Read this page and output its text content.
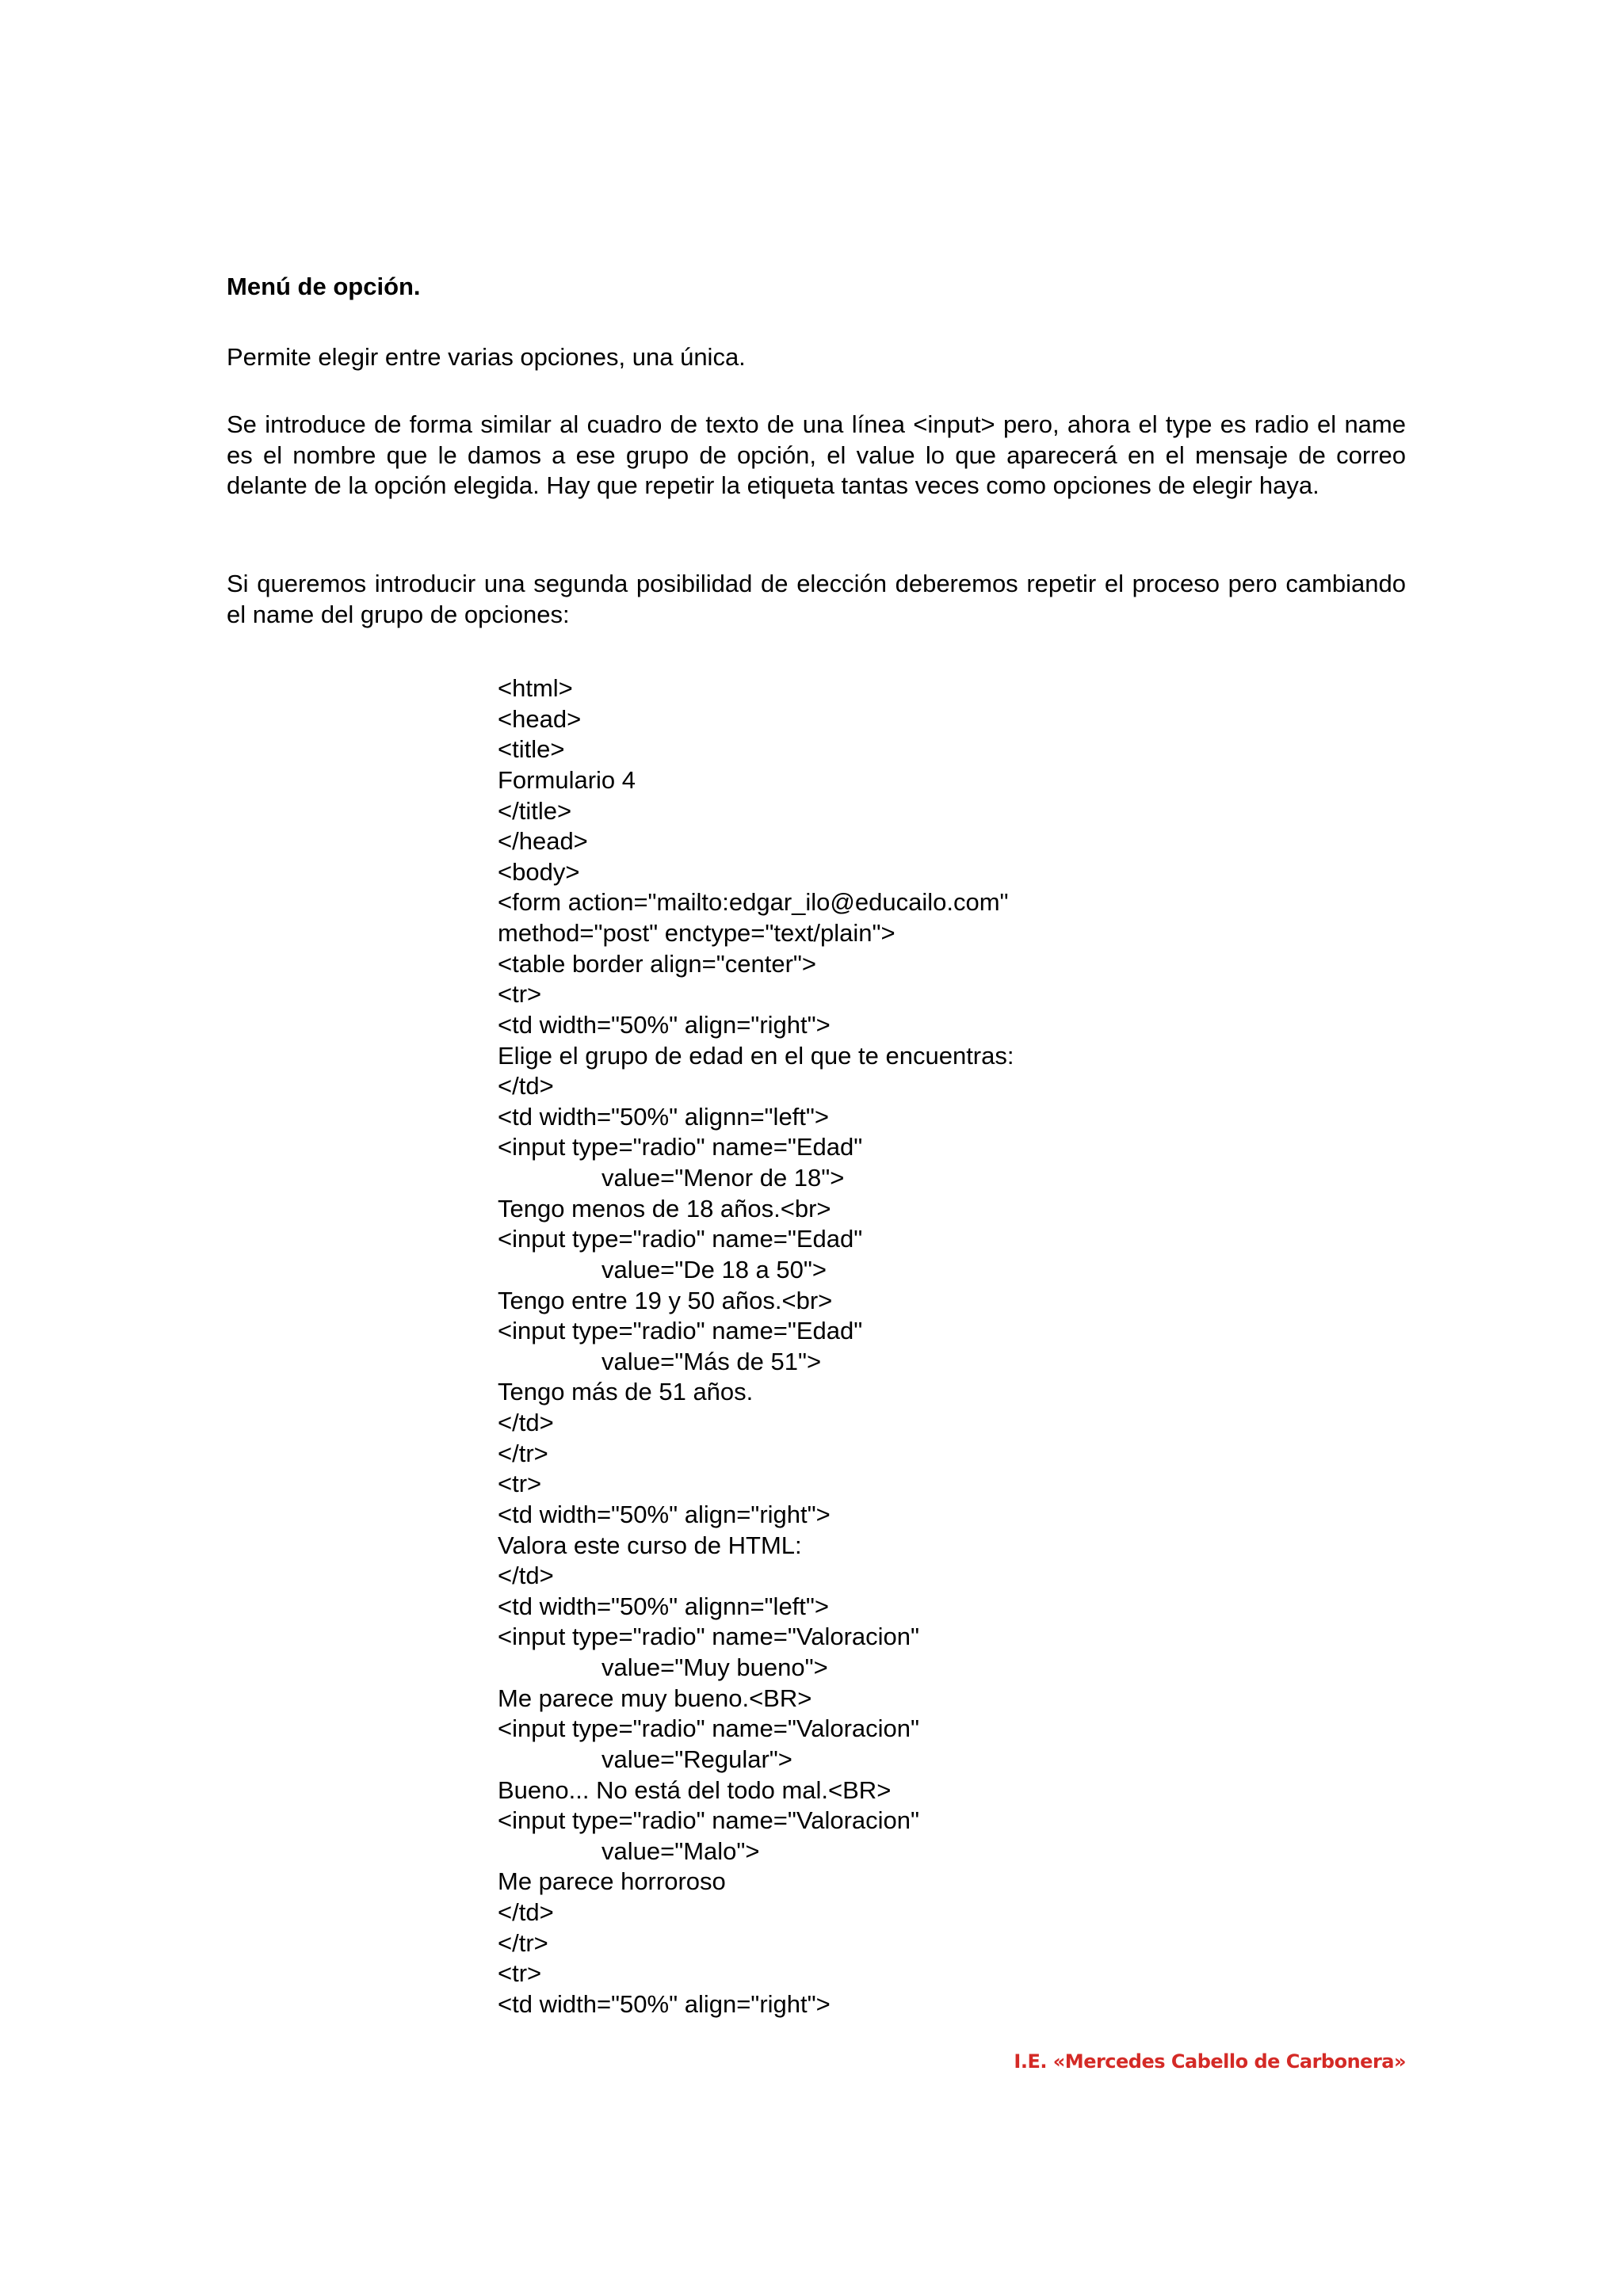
Menú de opción.
Permite elegir entre varias opciones, una única.
Se introduce de forma similar al cuadro de texto de una línea <input> pero, ahora el type es radio el name es el nombre que le damos a ese grupo de opción, el value lo que aparecerá en el mensaje de correo delante de la opción elegida. Hay que repetir la etiqueta tantas veces como opciones de elegir haya.
Si queremos introducir una segunda posibilidad de elección deberemos repetir el proceso pero cambiando el name del grupo de opciones:
<html>
<head>
<title>
Formulario 4
</title>
</head>
<body>
<form action="mailto:edgar_ilo@educailo.com"
method="post" enctype="text/plain">
<table border align="center">
<tr>
<td width="50%" align="right">
Elige el grupo de edad en el que te encuentras:
</td>
<td width="50%" alignn="left">
<input type="radio" name="Edad"
value="Menor de 18">
Tengo menos de 18 años.<br>
<input type="radio" name="Edad"
value="De 18 a 50">
Tengo entre 19 y 50 años.<br>
<input type="radio" name="Edad"
value="Más de 51">
Tengo más de 51 años.
</td>
</tr>
<tr>
<td width="50%" align="right">
Valora este curso de HTML:
</td>
<td width="50%" alignn="left">
<input type="radio" name="Valoracion"
value="Muy bueno">
Me parece muy bueno.<BR>
<input type="radio" name="Valoracion"
value="Regular">
Bueno... No está del todo mal.<BR>
<input type="radio" name="Valoracion"
value="Malo">
Me parece horroroso
</td>
</tr>
<tr>
<td width="50%" align="right">
I.E. «Mercedes Cabello de Carbonera»
